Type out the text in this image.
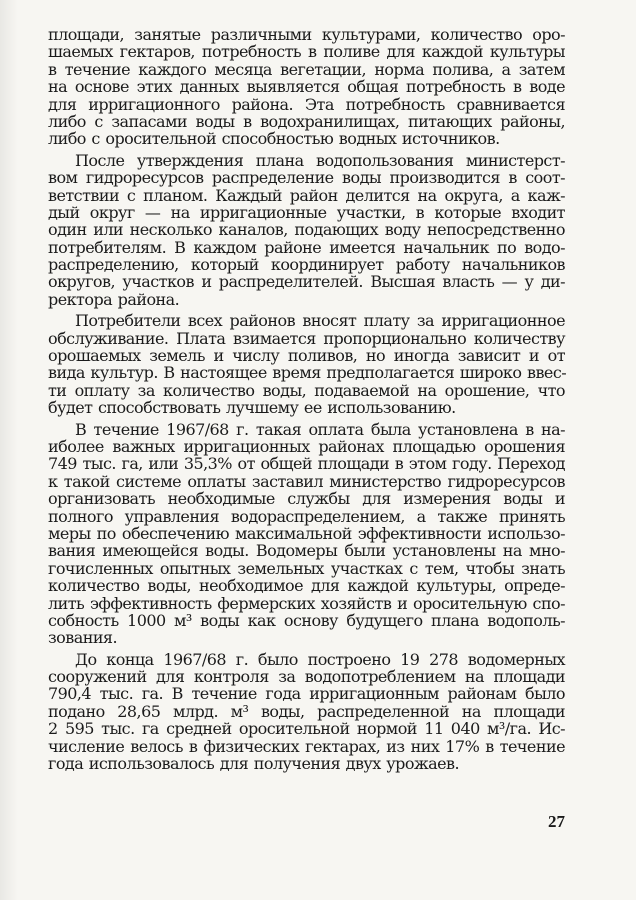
площади, занятые различными культурами, количество оро-
шаемых гектаров, потребность в поливе для каждой культуры
в течение каждого месяца вегетации, норма полива, а затем
на основе этих данных выявляется общая потребность в воде
для ирригационного района. Эта потребность сравнивается
либо с запасами воды в водохранилищах, питающих районы,
либо с оросительной способностью водных источников.
После утверждения плана водопользования министерст-
вом гидроресурсов распределение воды производится в соот-
ветствии с планом. Каждый район делится на округа, а каж-
дый округ — на ирригационные участки, в которые входит
один или несколько каналов, подающих воду непосредственно
потребителям. В каждом районе имеется начальник по водо-
распределению, который координирует работу начальников
округов, участков и распределителей. Высшая власть — у ди-
ректора района.
Потребители всех районов вносят плату за ирригационное
обслуживание. Плата взимается пропорционально количеству
орошаемых земель и числу поливов, но иногда зависит и от
вида культур. В настоящее время предполагается широко ввес-
ти оплату за количество воды, подаваемой на орошение, что
будет способствовать лучшему ее использованию.
В течение 1967/68 г. такая оплата была установлена в на-
иболее важных ирригационных районах площадью орошения
749 тыс. га, или 35,3% от общей площади в этом году. Переход
к такой системе оплаты заставил министерство гидроресурсов
организовать необходимые службы для измерения воды и
полного управления водораспределением, а также принять
меры по обеспечению максимальной эффективности использо-
вания имеющейся воды. Водомеры были установлены на мно-
гочисленных опытных земельных участках с тем, чтобы знать
количество воды, необходимое для каждой культуры, опреде-
лить эффективность фермерских хозяйств и оросительную спо-
собность 1000 м³ воды как основу будущего плана водополь-
зования.
До конца 1967/68 г. было построено 19 278 водомерных
сооружений для контроля за водопотреблением на площади
790,4 тыс. га. В течение года ирригационным районам было
подано 28,65 млрд. м³ воды, распределенной на площади
2 595 тыс. га средней оросительной нормой 11 040 м³/га. Ис-
числение велось в физических гектарах, из них 17% в течение
года использовалось для получения двух урожаев.
27
